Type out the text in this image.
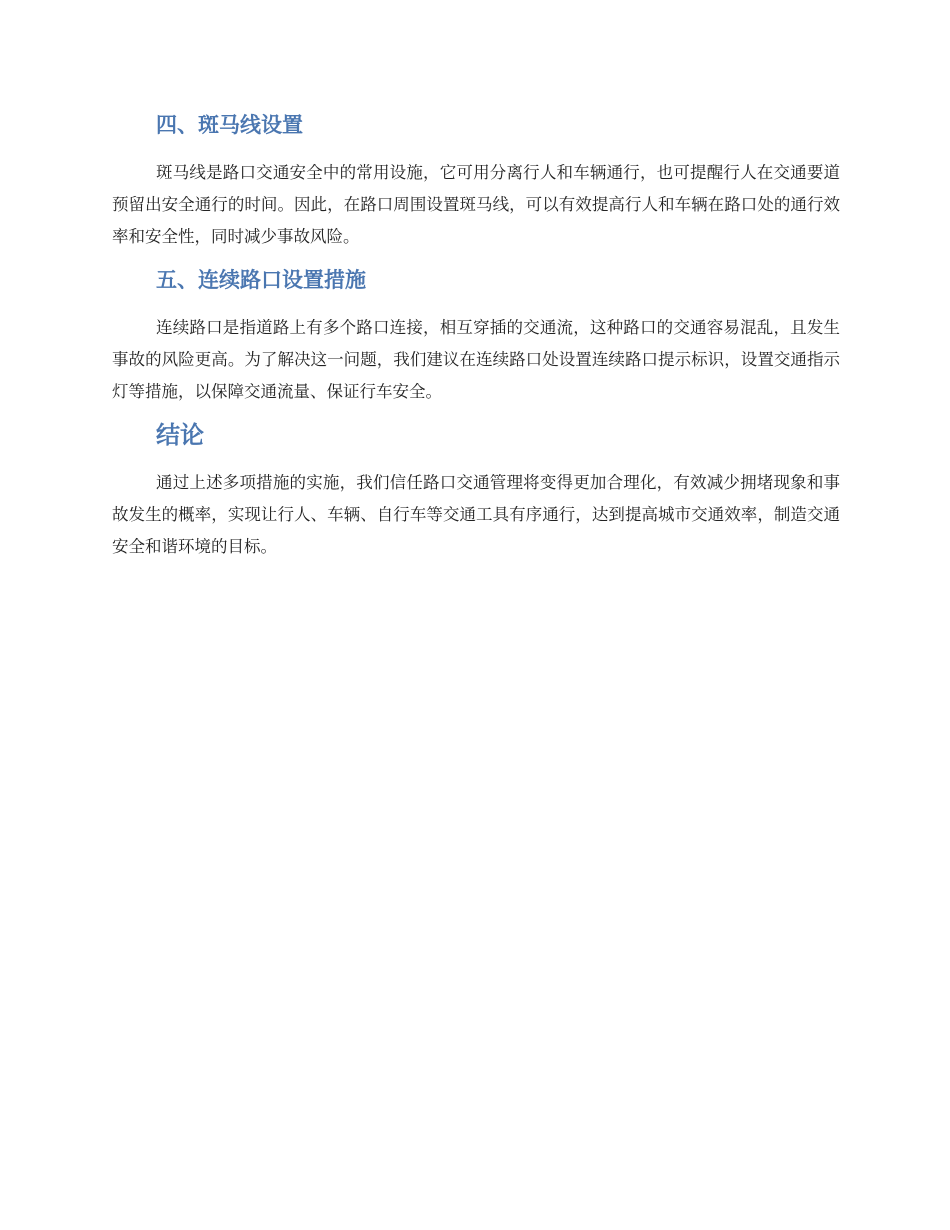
四、斑马线设置

斑马线是路口交通安全中的常用设施，它可用分离行人和车辆通行，也可提醒行人在交通要道预留出安全通行的时间。因此，在路口周围设置斑马线，可以有效提高行人和车辆在路口处的通行效率和安全性，同时减少事故风险。

五、连续路口设置措施

连续路口是指道路上有多个路口连接，相互穿插的交通流，这种路口的交通容易混乱，且发生事故的风险更高。为了解决这一问题，我们建议在连续路口处设置连续路口提示标识，设置交通指示灯等措施，以保障交通流量、保证行车安全。

结论

通过上述多项措施的实施，我们信任路口交通管理将变得更加合理化，有效减少拥堵现象和事故发生的概率，实现让行人、车辆、自行车等交通工具有序通行，达到提高城市交通效率，制造交通安全和谐环境的目标。
